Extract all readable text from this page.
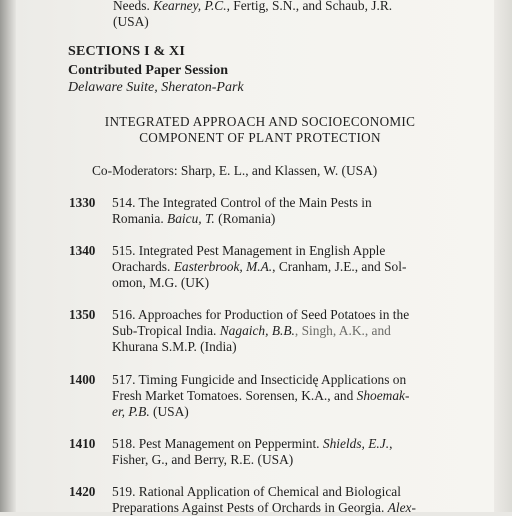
Needs. Kearney, P.C., Fertig, S.N., and Schaub, J.R.
(USA)

SECTIONS I & XI

Contributed Paper Session

Delaware Suite, Sheraton-Park

INTEGRATED APPROACH AND SOCIOECONOMIC

COMPONENT OF PLANT PROTECTION

Co-Moderators: Sharp, E. L., and Klassen, W. (USA)

1330 514. The Integrated Control of the Main Pests in
Romania. Baicu, T. (Romania)

1340 515. Integrated Pest Management in English Apple
Orachards. Easterbrook, M.A., Cranham, J.E., and Sol-
omon, M.G. (UK)

1350 516. Approaches for Production of Seed Potatoes in the
Sub-Tropical India. Nagaich, B.B., Singh, A.K., and
Khurana S.M.P. (India)

1400 517. Timing Fungicide and Insecticidę Applications on
Fresh Market Tomatoes. Sorensen, K.A., and Shoemak-
er, P.B. (USA)

1410 518. Pest Management on Peppermint. Shields, E.J.,
Fisher, G., and Berry, R.E. (USA)

1420 519. Rational Application of Chemical and Biological
Preparations Against Pests of Orchards in Georgia. Alex-
